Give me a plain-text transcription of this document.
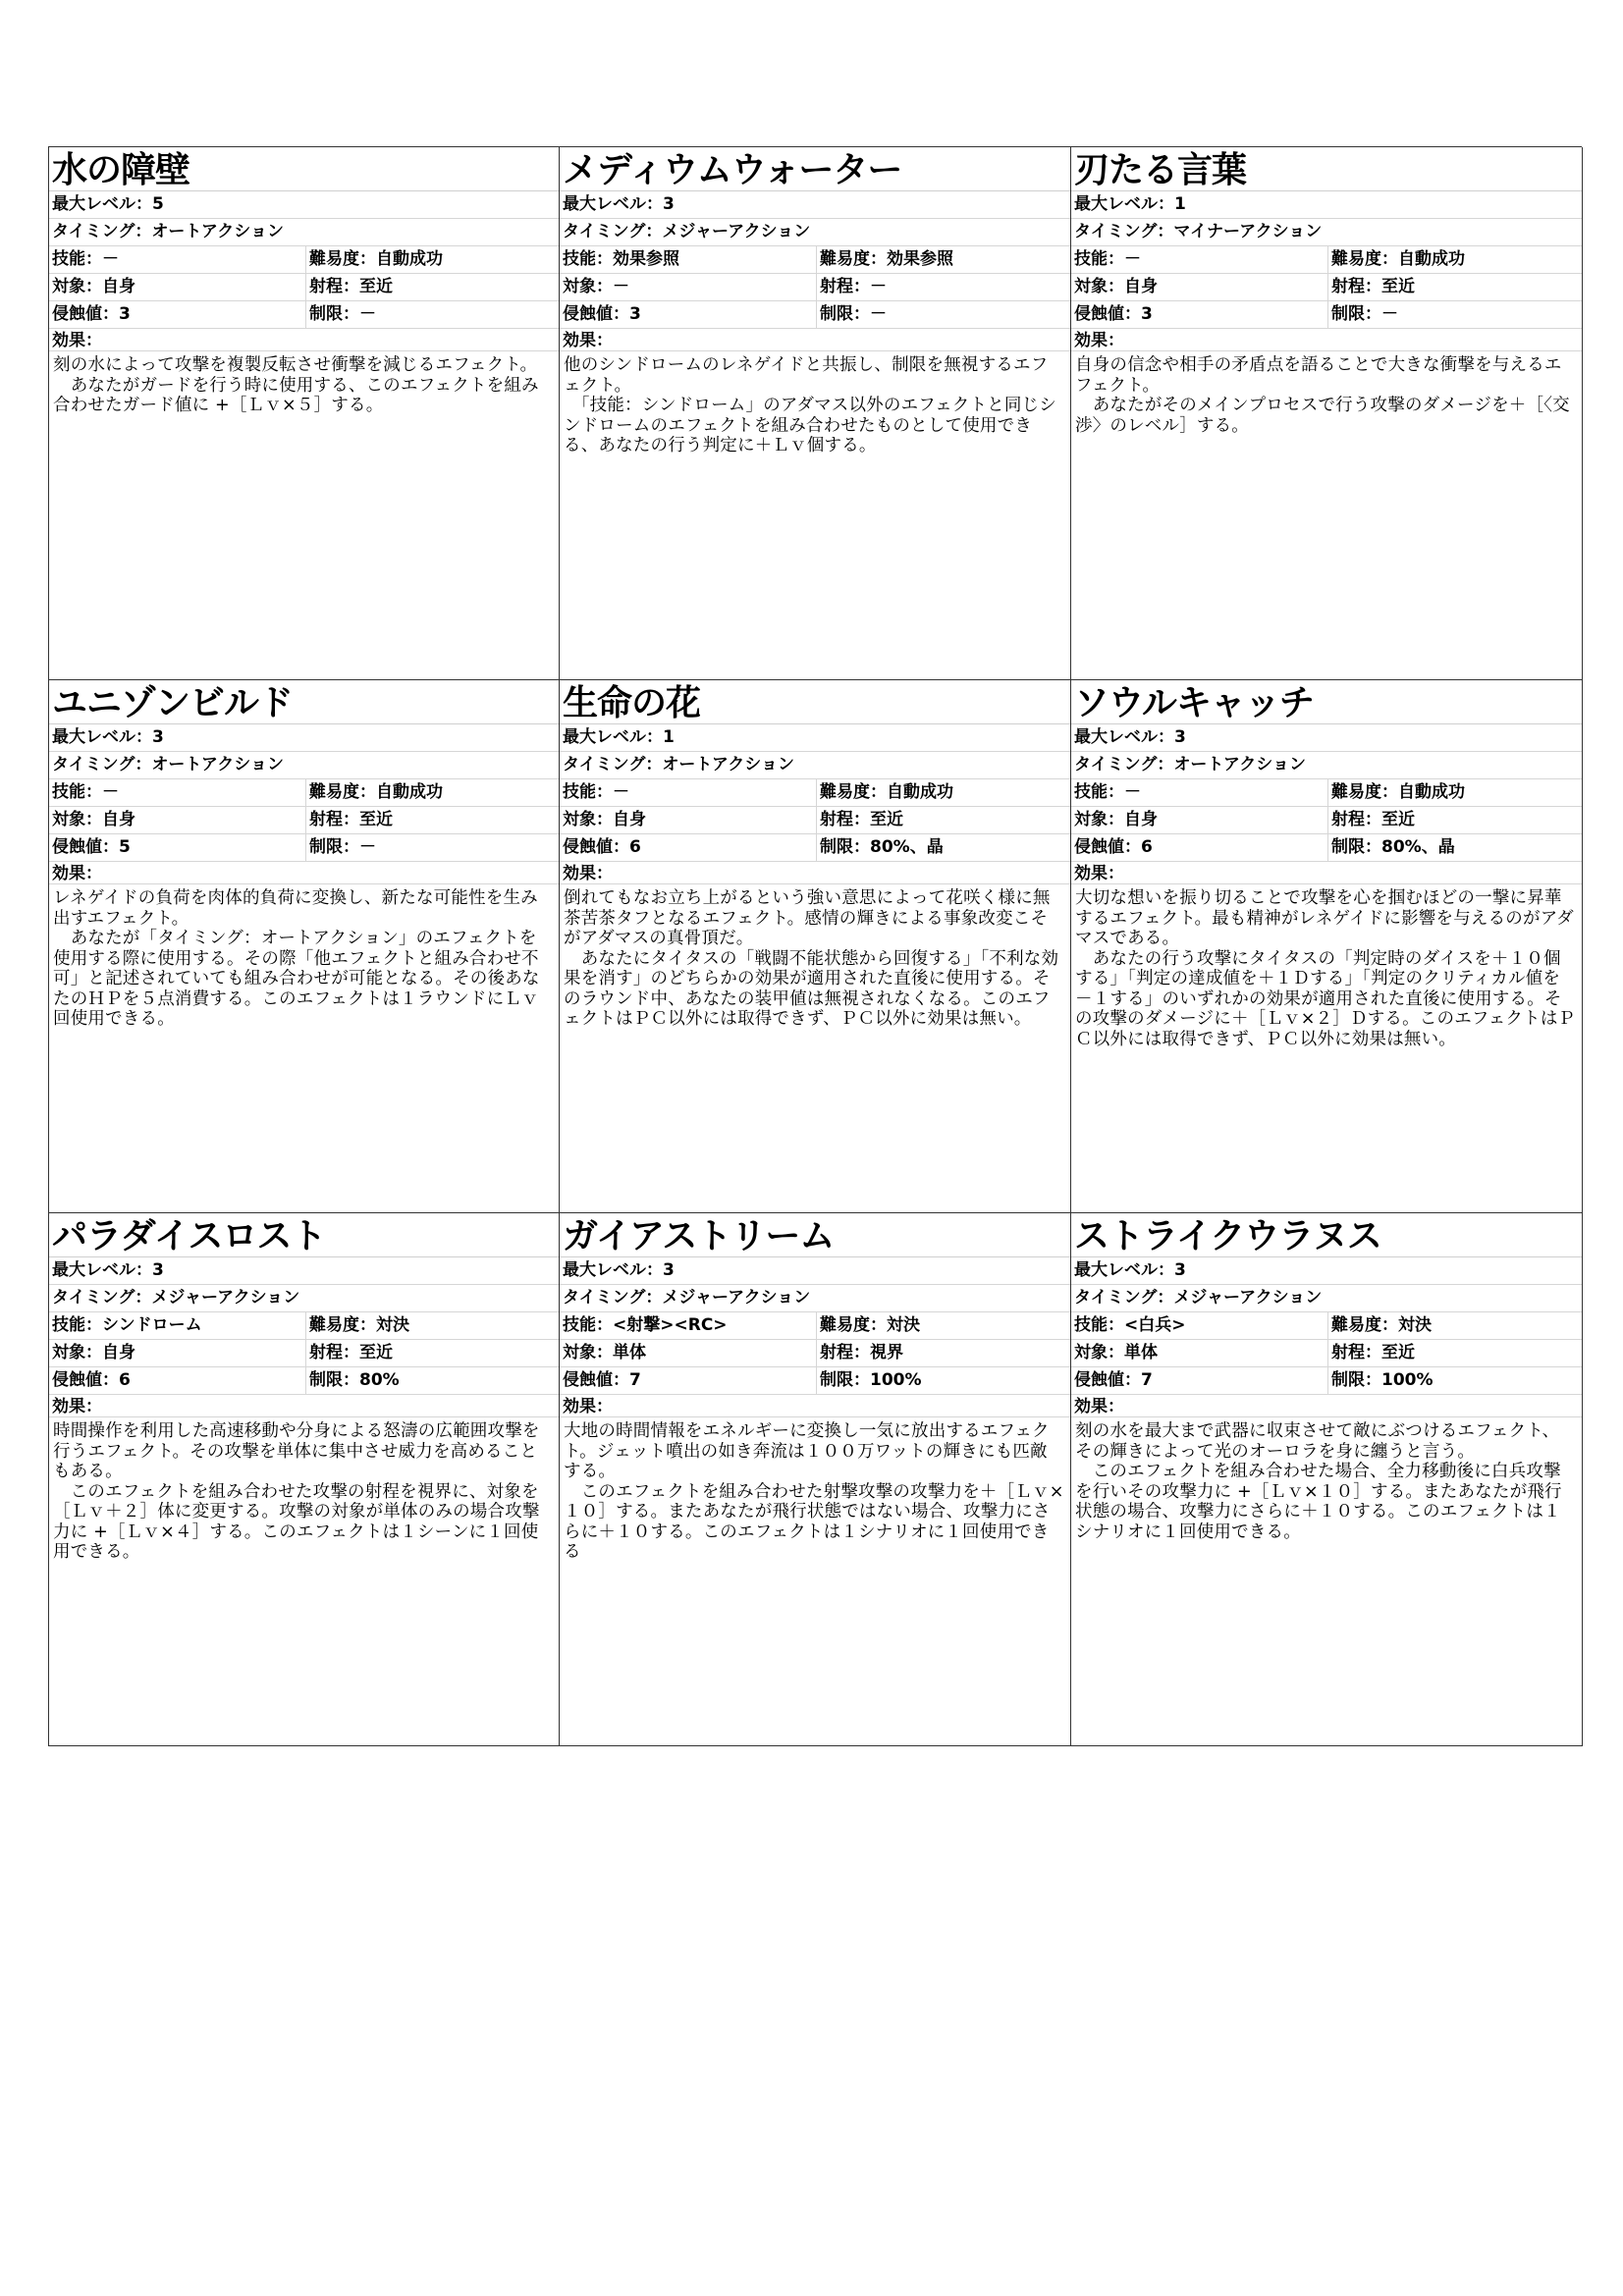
水の障壁
最大レベル：5
タイミング：オートアクション
技能：－	難易度：自動成功
対象：自身	射程：至近
侵蝕値：3	制限：－
効果：
刻の水によって攻撃を複製反転させ衝撃を減じるエフェクト。
　あなたがガードを行う時に使用する、このエフェクトを組み合わせたガード値に +［Ｌｖ×５］する。
メディウムウォーター
最大レベル：3
タイミング：メジャーアクション
技能：効果参照	難易度：効果参照
対象：－	射程：－
侵蝕値：3	制限：－
効果：
他のシンドロームのレネゲイドと共振し、制限を無視するエフェクト。
　「技能：シンドローム」のアダマス以外のエフェクトと同じシンドロームのエフェクトを組み合わせたものとして使用できる、あなたの行う判定に＋Ｌｖ個する。
刃たる言葉
最大レベル：1
タイミング：マイナーアクション
技能：－	難易度：自動成功
対象：自身	射程：至近
侵蝕値：3	制限：－
効果：
自身の信念や相手の矛盾点を語ることで大きな衝撃を与えるエフェクト。
　あなたがそのメインプロセスで行う攻撃のダメージを＋［〈交渉〉のレベル］する。
ユニゾンビルド
最大レベル：3
タイミング：オートアクション
技能：－	難易度：自動成功
対象：自身	射程：至近
侵蝕値：5	制限：－
効果：
レネゲイドの負荷を肉体的負荷に変換し、新たな可能性を生み出すエフェクト。
　あなたが「タイミング：オートアクション」のエフェクトを使用する際に使用する。その際「他エフェクトと組み合わせ不可」と記述されていても組み合わせが可能となる。その後あなたのＨＰを５点消費する。このエフェクトは１ラウンドにＬｖ回使用できる。
生命の花
最大レベル：1
タイミング：オートアクション
技能：－	難易度：自動成功
対象：自身	射程：至近
侵蝕値：6	制限：80%、晶
効果：
倒れてもなお立ち上がるという強い意思によって花咲く様に無茶苦茶タフとなるエフェクト。感情の輝きによる事象改変こそがアダマスの真骨頂だ。
　あなたにタイタスの「戦闘不能状態から回復する」「不利な効果を消す」のどちらかの効果が適用された直後に使用する。そのラウンド中、あなたの装甲値は無視されなくなる。このエフェクトはＰＣ以外には取得できず、ＰＣ以外に効果は無い。
ソウルキャッチ
最大レベル：3
タイミング：オートアクション
技能：－	難易度：自動成功
対象：自身	射程：至近
侵蝕値：6	制限：80%、晶
効果：
大切な想いを振り切ることで攻撃を心を掴むほどの一撃に昇華するエフェクト。最も精神がレネゲイドに影響を与えるのがアダマスである。
　あなたの行う攻撃にタイタスの「判定時のダイスを＋１０個する」「判定の達成値を＋１Ｄする」「判定のクリティカル値を－１する」のいずれかの効果が適用された直後に使用する。その攻撃のダメージに＋［Ｌｖ×２］Ｄする。このエフェクトはＰＣ以外には取得できず、ＰＣ以外に効果は無い。
パラダイスロスト
最大レベル：3
タイミング：メジャーアクション
技能：シンドローム	難易度：対決
対象：自身	射程：至近
侵蝕値：6	制限：80%
効果：
時間操作を利用した高速移動や分身による怒濤の広範囲攻撃を行うエフェクト。その攻撃を単体に集中させ威力を高めることもある。
　このエフェクトを組み合わせた攻撃の射程を視界に、対象を［Ｌｖ＋２］体に変更する。攻撃の対象が単体のみの場合攻撃力に +［Ｌｖ×４］する。このエフェクトは１シーンに１回使用できる。
ガイアストリーム
最大レベル：3
タイミング：メジャーアクション
技能：<射撃><RC>	難易度：対決
対象：単体	射程：視界
侵蝕値：7	制限：100%
効果：
大地の時間情報をエネルギーに変換し一気に放出するエフェクト。ジェット噴出の如き奔流は１００万ワットの輝きにも匹敵する。
　このエフェクトを組み合わせた射撃攻撃の攻撃力を＋［Ｌｖ×１０］する。またあなたが飛行状態ではない場合、攻撃力にさらに＋１０する。このエフェクトは１シナリオに１回使用できる
ストライクウラヌス
最大レベル：3
タイミング：メジャーアクション
技能：<白兵>	難易度：対決
対象：単体	射程：至近
侵蝕値：7	制限：100%
効果：
刻の水を最大まで武器に収束させて敵にぶつけるエフェクト、その輝きによって光のオーロラを身に纏うと言う。
　このエフェクトを組み合わせた場合、全力移動後に白兵攻撃を行いその攻撃力に +［Ｌｖ×１０］する。またあなたが飛行状態の場合、攻撃力にさらに＋１０する。このエフェクトは１シナリオに１回使用できる。
